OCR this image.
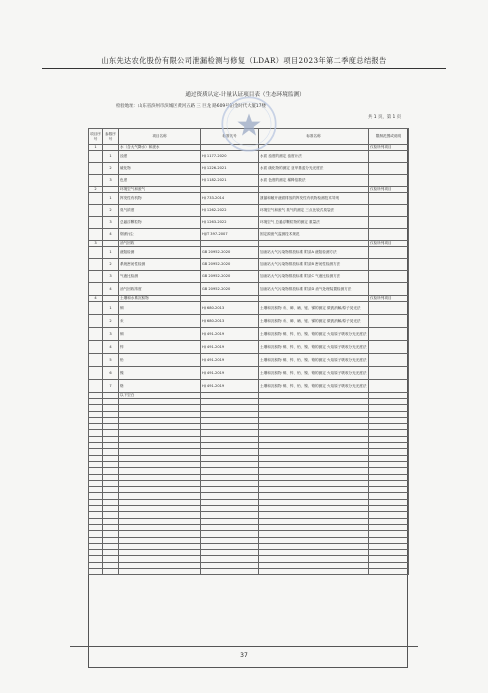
山东先达农化股份有限公司泄漏检测与修复（LDAR）项目2023年第二季度总结报告
通过资质认定-计量认证项目表（生态环境监测）
检验地址：山东省滨州市滨城区黄河五路 三 巨龙 路609号铂金时代大厦17楼
共 1 页，第 1 页
项目序号	参数序号	项目名称	标准代号	标准名称	限制范围或说明
1		水（含大气降水）和废水			仅检所列项目
	1	浊度	HJ 1177-2020	水质 浊度的测定 浊度计法	
	2	硫化物	HJ 1226-2021	水质 硫化物的测定 亚甲基蓝分光光度法	
	3	色度	HJ 1182-2021	水质 色度的测定 稀释倍数法	
2		环境空气和废气			仅检所列项目
	1	挥发性有机物	HJ 733-2014	泄漏和敞开液面排放的挥发性有机物检测技术导则	
	2	臭气浓度	HJ 1262-2022	环境空气和废气 臭气的测定 三点比较式臭袋法	
	3	总悬浮颗粒物	HJ 1263-2022	环境空气 总悬浮颗粒物的测定 重量法	
	4	烟(粉)尘	HJ/T 397-2007	固定源废气监测技术规范	
3		油气回收			仅检所列项目
	1	液阻检测	GB 20952-2020	加油站大气污染物排放标准 附录A 液阻检测方法	
	2	系统密闭性检测	GB 20952-2020	加油站大气污染物排放标准 附录B 密闭性检测方法	
	3	气液比检测	GB 20952-2020	加油站大气污染物排放标准 附录C 气液比检测方法	
	4	油气回收浓度	GB 20952-2020	加油站大气污染物排放标准 附录D 油气处理装置检测方法	
4		土壤和水系沉积物			仅检所列项目
	1	铜	HJ 680-2013	土壤和沉积物 汞、砷、硒、铋、锑的测定 微波消解/原子荧光法	
	2	汞	HJ 680-2013	土壤和沉积物 汞、砷、硒、铋、锑的测定 微波消解/原子荧光法	
	3	铜	HJ 491-2019	土壤和沉积物 铜、锌、铅、镍、铬的测定 火焰原子吸收分光光度法	
	4	锌	HJ 491-2019	土壤和沉积物 铜、锌、铅、镍、铬的测定 火焰原子吸收分光光度法	
	5	铅	HJ 491-2019	土壤和沉积物 铜、锌、铅、镍、铬的测定 火焰原子吸收分光光度法	
	6	镍	HJ 491-2019	土壤和沉积物 铜、锌、铅、镍、铬的测定 火焰原子吸收分光光度法	
	7	铬	HJ 491-2019	土壤和沉积物 铜、锌、铅、镍、铬的测定 火焰原子吸收分光光度法	
		以下空白			

37
